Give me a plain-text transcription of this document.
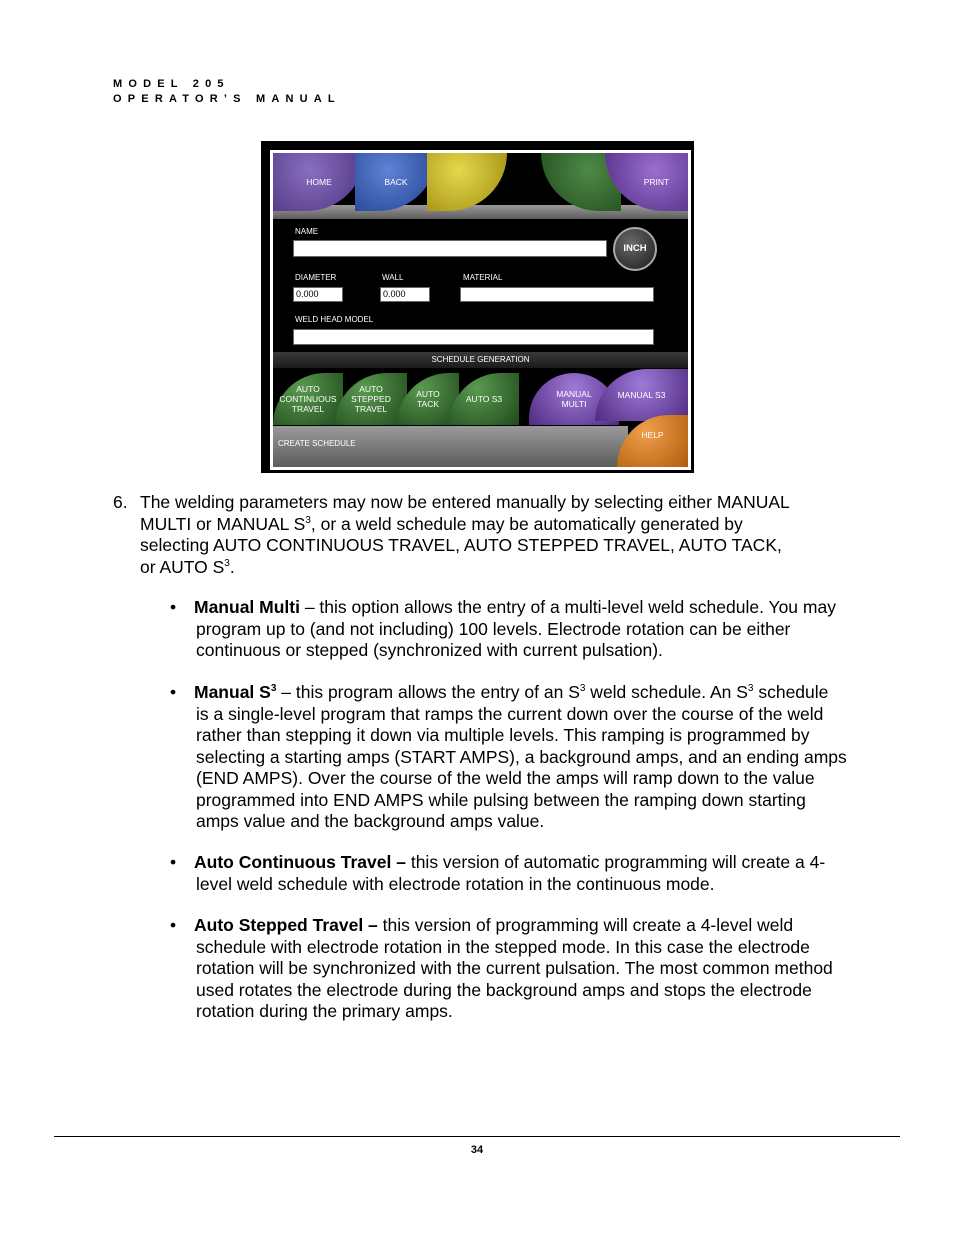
MODEL 205
OPERATOR’S MANUAL
HOME	BACK	PRINT
NAME
INCH
DIAMETER	WALL	MATERIAL
0.000	0.000
WELD HEAD MODEL
SCHEDULE GENERATION
AUTO
CONTINUOUS
TRAVEL
AUTO
STEPPED
TRAVEL
AUTO
TACK	AUTO S3	MANUAL
MULTI
MANUAL S3
CREATE SCHEDULE
HELP
6. The welding parameters may now be entered manually by selecting either MANUAL
MULTI or MANUAL $S^3$, or a weld schedule may be automatically generated by
selecting AUTO CONTINUOUS TRAVEL, AUTO STEPPED TRAVEL, AUTO TACK,
or AUTO $S^3$.
• Manual Multi – this option allows the entry of a multi-level weld schedule. You may
program up to (and not including) 100 levels. Electrode rotation can be either
continuous or stepped (synchronized with current pulsation).
• Manual $S^3$ – this program allows the entry of an $S^3$ weld schedule. An $S^3$ schedule
is a single-level program that ramps the current down over the course of the weld
rather than stepping it down via multiple levels. This ramping is programmed by
selecting a starting amps (START AMPS), a background amps, and an ending amps
(END AMPS). Over the course of the weld the amps will ramp down to the value
programmed into END AMPS while pulsing between the ramping down starting
amps value and the background amps value.
• Auto Continuous Travel – this version of automatic programming will create a 4-
level weld schedule with electrode rotation in the continuous mode.
• Auto Stepped Travel – this version of programming will create a 4-level weld
schedule with electrode rotation in the stepped mode. In this case the electrode
rotation will be synchronized with the current pulsation. The most common method
used rotates the electrode during the background amps and stops the electrode
rotation during the primary amps.
34
